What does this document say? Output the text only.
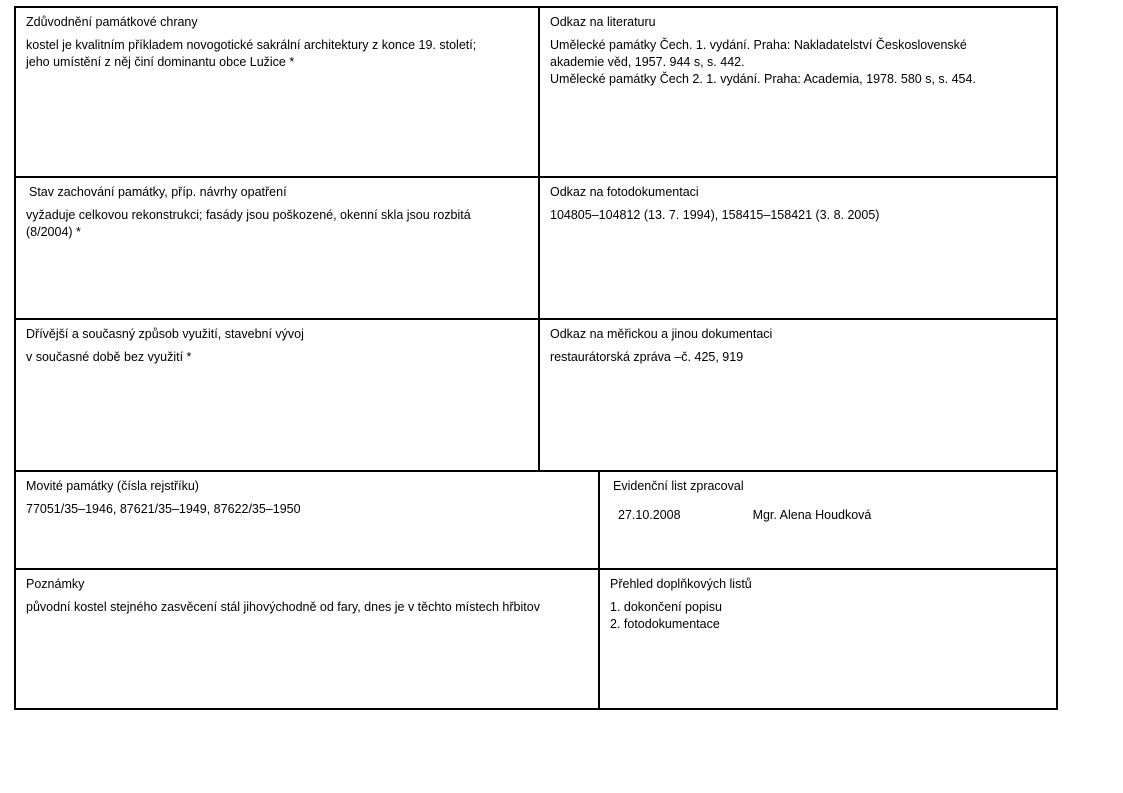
Zdůvodnění památkové chrany
kostel je kvalitním příkladem novogotické sakrální architektury z konce 19. století;
jeho umístění z něj činí dominantu obce Lužice *
Odkaz na literaturu
Umělecké památky Čech. 1. vydání. Praha: Nakladatelství Československé
akademie věd, 1957. 944 s, s. 442.
Umělecké památky Čech 2. 1. vydání. Praha: Academia, 1978. 580 s, s. 454.
Stav zachování památky, příp. návrhy opatření
vyžaduje celkovou rekonstrukci; fasády jsou poškozené, okenní skla jsou rozbitá
(8/2004) *
Odkaz na fotodokumentaci
104805–104812 (13. 7. 1994), 158415–158421 (3. 8. 2005)
Dřívější a současný způsob využití, stavební vývoj
v současné době bez využití *
Odkaz na měřickou a jinou dokumentaci
restaurátorská zpráva –č. 425, 919
Movité památky (čísla rejstříku)
77051/35–1946, 87621/35–1949, 87622/35–1950
Evidenční list zpracoval
27.10.2008	Mgr. Alena Houdková
Poznámky
původní kostel stejného zasvěcení stál jihovýchodně od fary, dnes je v těchto místech hřbitov
Přehled doplňkových listů
1. dokončení popisu
2. fotodokumentace
